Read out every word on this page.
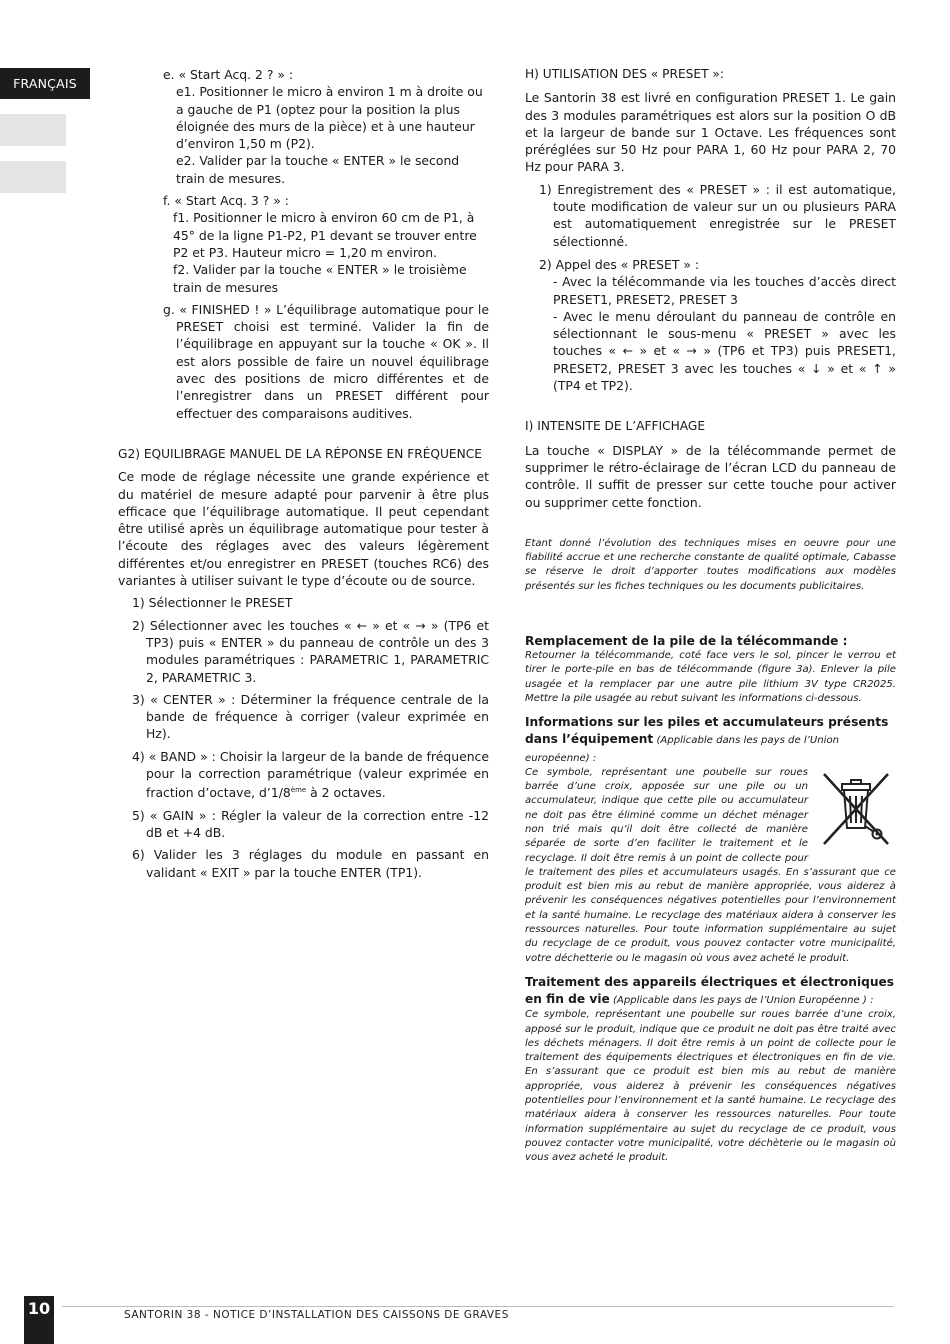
FRANÇAIS

e. « Start Acq. 2 ? » :

e1. Positionner le micro à environ 1 m à droite ou a gauche de P1 (optez pour la position la plus éloignée des murs de la pièce) et à une hauteur d’environ 1,50 m (P2).

e2. Valider par la touche « ENTER » le second train de mesures.

f. « Start Acq. 3 ? » :

f1. Positionner le micro à environ 60 cm de P1, à 45° de la ligne P1-P2, P1 devant se trouver entre P2 et P3. Hauteur micro = 1,20 m environ.

f2. Valider par la touche « ENTER » le troisième train de mesures

g. « FINISHED ! » L’équilibrage automatique pour le PRESET choisi est terminé. Valider la fin de l’équilibrage en appuyant sur la touche « OK ». Il est alors possible de faire un nouvel équilibrage avec des positions de micro différentes et de l’enregistrer dans un PRESET différent pour effectuer des comparaisons auditives.

G2) EQUILIBRAGE MANUEL DE LA RÉPONSE EN FRÉQUENCE

Ce mode de réglage nécessite une grande expérience et du matériel de mesure adapté pour parvenir à être plus efficace que l’équilibrage automatique. Il peut cependant être utilisé après un équilibrage automatique pour tester à l’écoute des réglages avec des valeurs légèrement différentes et/ou enregistrer en PRESET (touches RC6) des variantes à utiliser suivant le type d’écoute ou de source.

1) Sélectionner le PRESET

2) Sélectionner avec les touches « ← » et « → » (TP6 et TP3) puis « ENTER » du panneau de contrôle un des 3 modules paramétriques : PARAMETRIC 1, PARAMETRIC 2, PARAMETRIC 3.

3) « CENTER » : Déterminer la fréquence centrale de la bande de fréquence à corriger (valeur exprimée en Hz).

4) « BAND » : Choisir la largeur de la bande de fréquence pour la correction paramétrique (valeur exprimée en fraction d’octave, d’1/8ème à 2 octaves.

5) « GAIN » : Régler la valeur de la correction entre -12 dB et +4 dB.

6) Valider les 3 réglages du module en passant en validant « EXIT » par la touche ENTER (TP1).

H) UTILISATION DES « PRESET »:

Le Santorin 38 est livré en configuration PRESET 1. Le gain des 3 modules paramétriques est alors sur la position O dB et la largeur de bande sur 1 Octave. Les fréquences sont préréglées sur 50 Hz pour PARA 1, 60 Hz pour PARA 2, 70 Hz pour PARA 3.

1) Enregistrement des « PRESET » : il est automatique, toute modification de valeur sur un ou plusieurs PARA est automatiquement enregistrée sur le PRESET sélectionné.

2) Appel des « PRESET » :

- Avec la télécommande via les touches d’accès direct PRESET1, PRESET2, PRESET 3

- Avec le menu déroulant du panneau de contrôle en sélectionnant le sous-menu « PRESET » avec les touches « ← » et « → » (TP6 et TP3) puis PRESET1, PRESET2, PRESET 3 avec les touches « ↓ » et « ↑ » (TP4 et TP2).

I) INTENSITE DE L’AFFICHAGE

La touche « DISPLAY » de la télécommande permet de supprimer le rétro-éclairage de l’écran LCD du panneau de contrôle. Il suffit de presser sur cette touche pour activer ou supprimer cette fonction.

Etant donné l’évolution des techniques mises en oeuvre pour une fiabilité accrue et une recherche constante de qualité optimale, Cabasse se réserve le droit d’apporter toutes modifications aux modèles présentés sur les fiches techniques ou les documents publicitaires.

Remplacement de la pile de la télécommande :

Retourner la télécommande, coté face vers le sol, pincer le verrou et tirer le porte-pile en bas de télécommande (figure 3a). Enlever la pile usagée et la remplacer par une autre pile lithium 3V type CR2025. Mettre la pile usagée au rebut suivant les informations ci-dessous.

Informations sur les piles et accumulateurs présents

dans l’équipement (Applicable dans les pays de l’Union européenne) :

Ce symbole, représentant une poubelle sur roues barrée d’une croix, apposée sur une pile ou un accumulateur, indique que cette pile ou accumulateur ne doit pas être éliminé comme un déchet ménager non trié mais qu’il doit être collecté de manière séparée de sorte d’en faciliter le traitement et le recyclage. Il doit être remis à un point de collecte pour le traitement des piles et accumulateurs usagés. En s’assurant que ce produit est bien mis au rebut de manière appropriée, vous aiderez à prévenir les conséquences négatives potentielles pour l’environnement et la santé humaine. Le recyclage des matériaux aidera à conserver les ressources naturelles. Pour toute information supplémentaire au sujet du recyclage de ce produit, vous pouvez contacter votre municipalité, votre déchetterie ou le magasin où vous avez acheté le produit.

Traitement des appareils électriques et électroniques

en fin de vie (Applicable dans les pays de l’Union Européenne ) :

Ce symbole, représentant une poubelle sur roues barrée d’une croix, apposé sur le produit, indique que ce produit ne doit pas être traité avec les déchets ménagers. Il doit être remis à un point de collecte pour le traitement des équipements électriques et électroniques en fin de vie. En s’assurant que ce produit est bien mis au rebut de manière appropriée, vous aiderez à prévenir les conséquences négatives potentielles pour l’environnement et la santé humaine. Le recyclage des matériaux aidera à conserver les ressources naturelles. Pour toute information supplémentaire au sujet du recyclage de ce produit, vous pouvez contacter votre municipalité, votre déchèterie ou le magasin où vous avez acheté le produit.

10	SANTORIN 38 - NOTICE D’INSTALLATION DES CAISSONS DE GRAVES
